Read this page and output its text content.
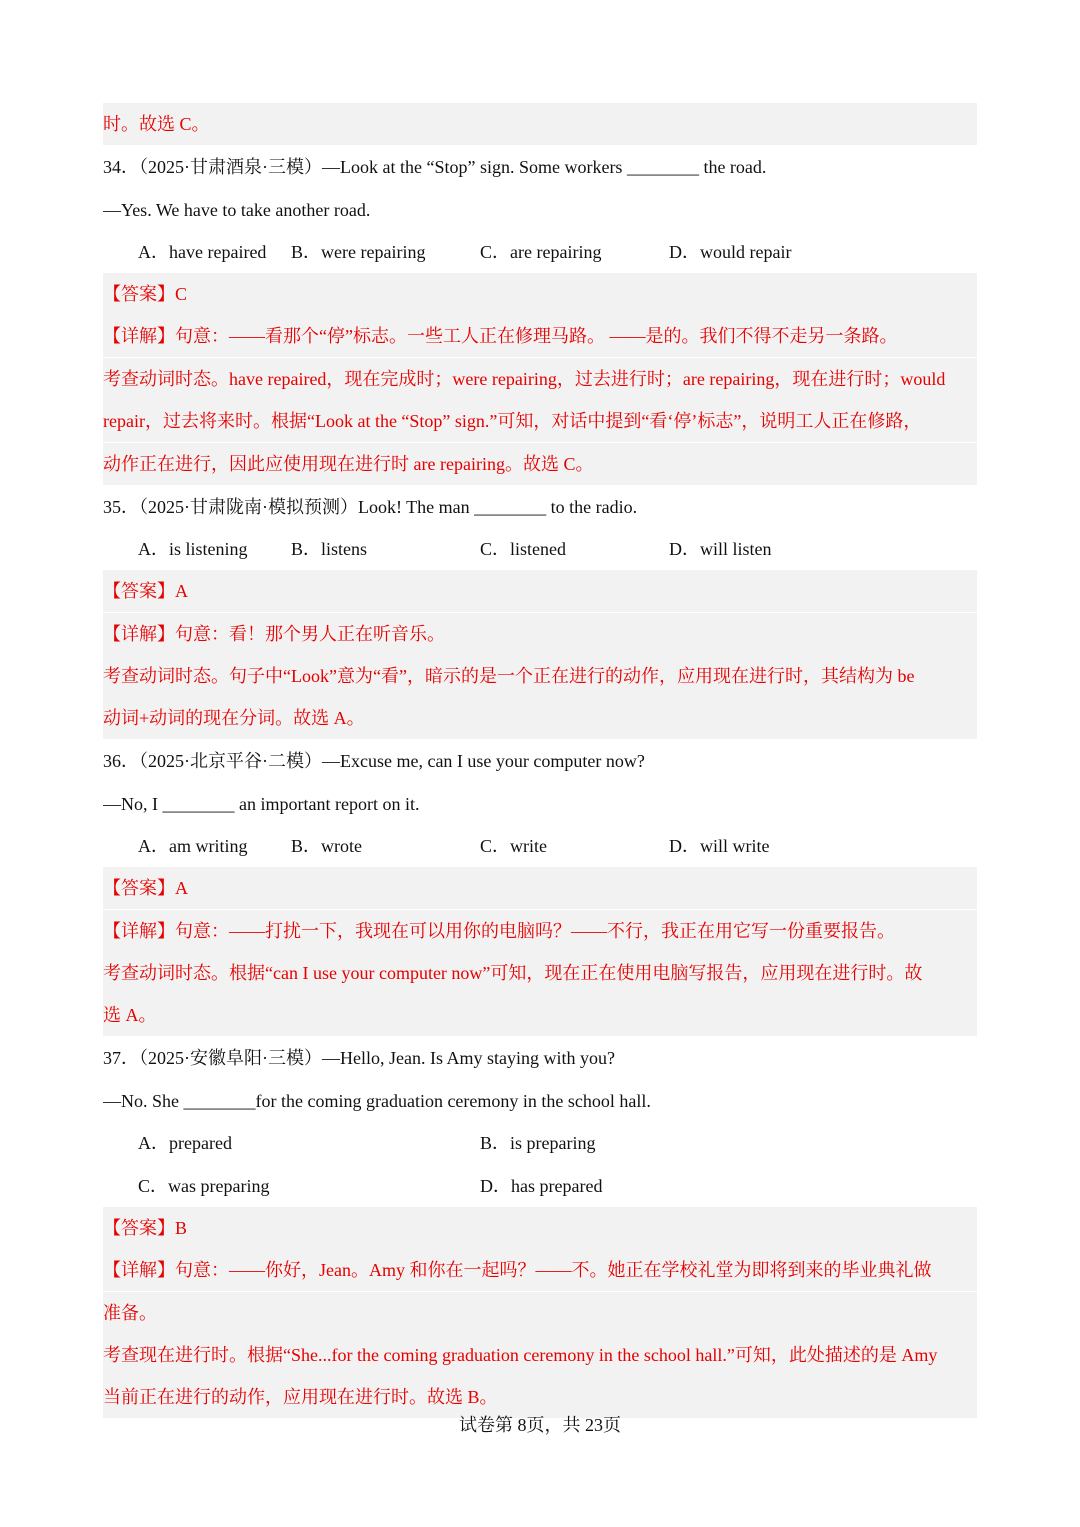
时。故选 C。
34．（2025·甘肃酒泉·三模）—Look at the “Stop” sign. Some workers ________ the road.
—Yes. We have to take another road.
A．have repaired B．were repairing	C．are repairing	D．would repair
【答案】C
【详解】句意：——看那个“停”标志。一些工人正在修理马路。 ——是的。我们不得不走另一条路。
考查动词时态。have repaired，现在完成时；were repairing，过去进行时；are repairing，现在进行时；would
repair，过去将来时。根据“Look at the “Stop” sign.”可知，对话中提到“看‘停’标志”，说明工人正在修路，
动作正在进行，因此应使用现在进行时 are repairing。故选 C。
35．（2025·甘肃陇南·模拟预测）Look! The man ________ to the radio.
A．is listening B．listens	C．listened	D．will listen
【答案】A
【详解】句意：看！那个男人正在听音乐。
考查动词时态。句子中“Look”意为“看”，暗示的是一个正在进行的动作，应用现在进行时，其结构为 be
动词+动词的现在分词。故选 A。
36．（2025·北京平谷·二模）—Excuse me, can I use your computer now?
—No, I ________ an important report on it.
A．am writing B．wrote	C．write	D．will write
【答案】A
【详解】句意：——打扰一下，我现在可以用你的电脑吗？——不行，我正在用它写一份重要报告。
考查动词时态。根据“can I use your computer now”可知，现在正在使用电脑写报告，应用现在进行时。故
选 A。
37．（2025·安徽阜阳·三模）—Hello, Jean. Is Amy staying with you?
—No. She ________for the coming graduation ceremony in the school hall.
A．prepared	B．is preparing
C．was preparing	D．has prepared
【答案】B
【详解】句意：——你好，Jean。Amy 和你在一起吗？——不。她正在学校礼堂为即将到来的毕业典礼做
准备。
考查现在进行时。根据“She...for the coming graduation ceremony in the school hall.”可知，此处描述的是 Amy
当前正在进行的动作，应用现在进行时。故选 B。
试卷第 8页，共 23页
